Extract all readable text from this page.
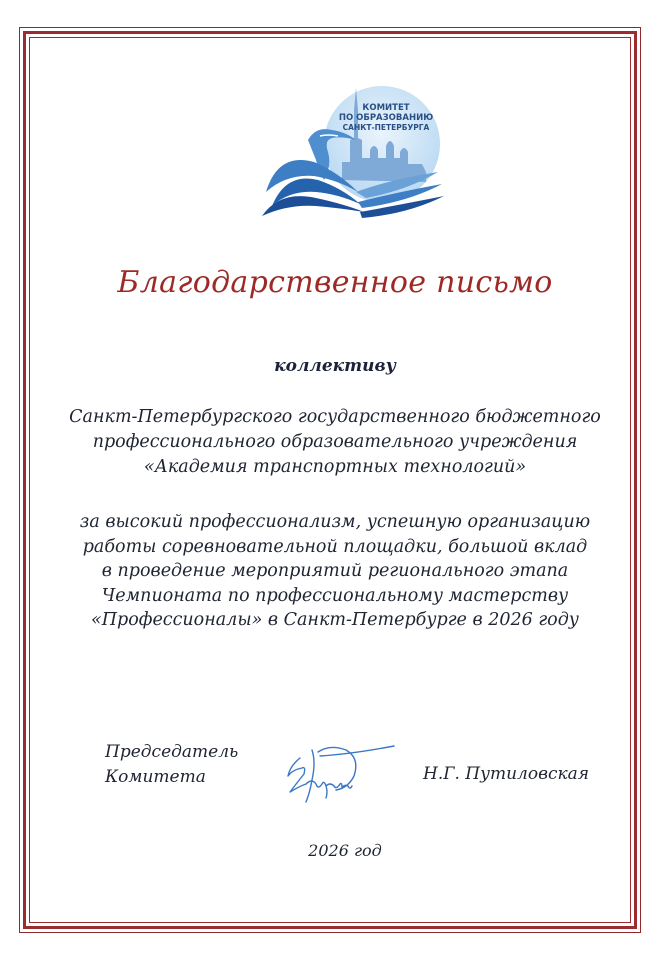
КОМИТЕТ
ПО ОБРАЗОВАНИЮ
САНКТ-ПЕТЕРБУРГА
Благодарственное письмо
коллективу
Санкт-Петербургского государственного бюджетного
профессионального образовательного учреждения
«Академия транспортных технологий»
за высокий профессионализм, успешную организацию
работы соревновательной площадки, большой вклад
в проведение мероприятий регионального этапа
Чемпионата по профессиональному мастерству
«Профессионалы» в Санкт-Петербурге в 2026 году
Председатель
Комитета	Н.Г. Путиловская
2026 год
